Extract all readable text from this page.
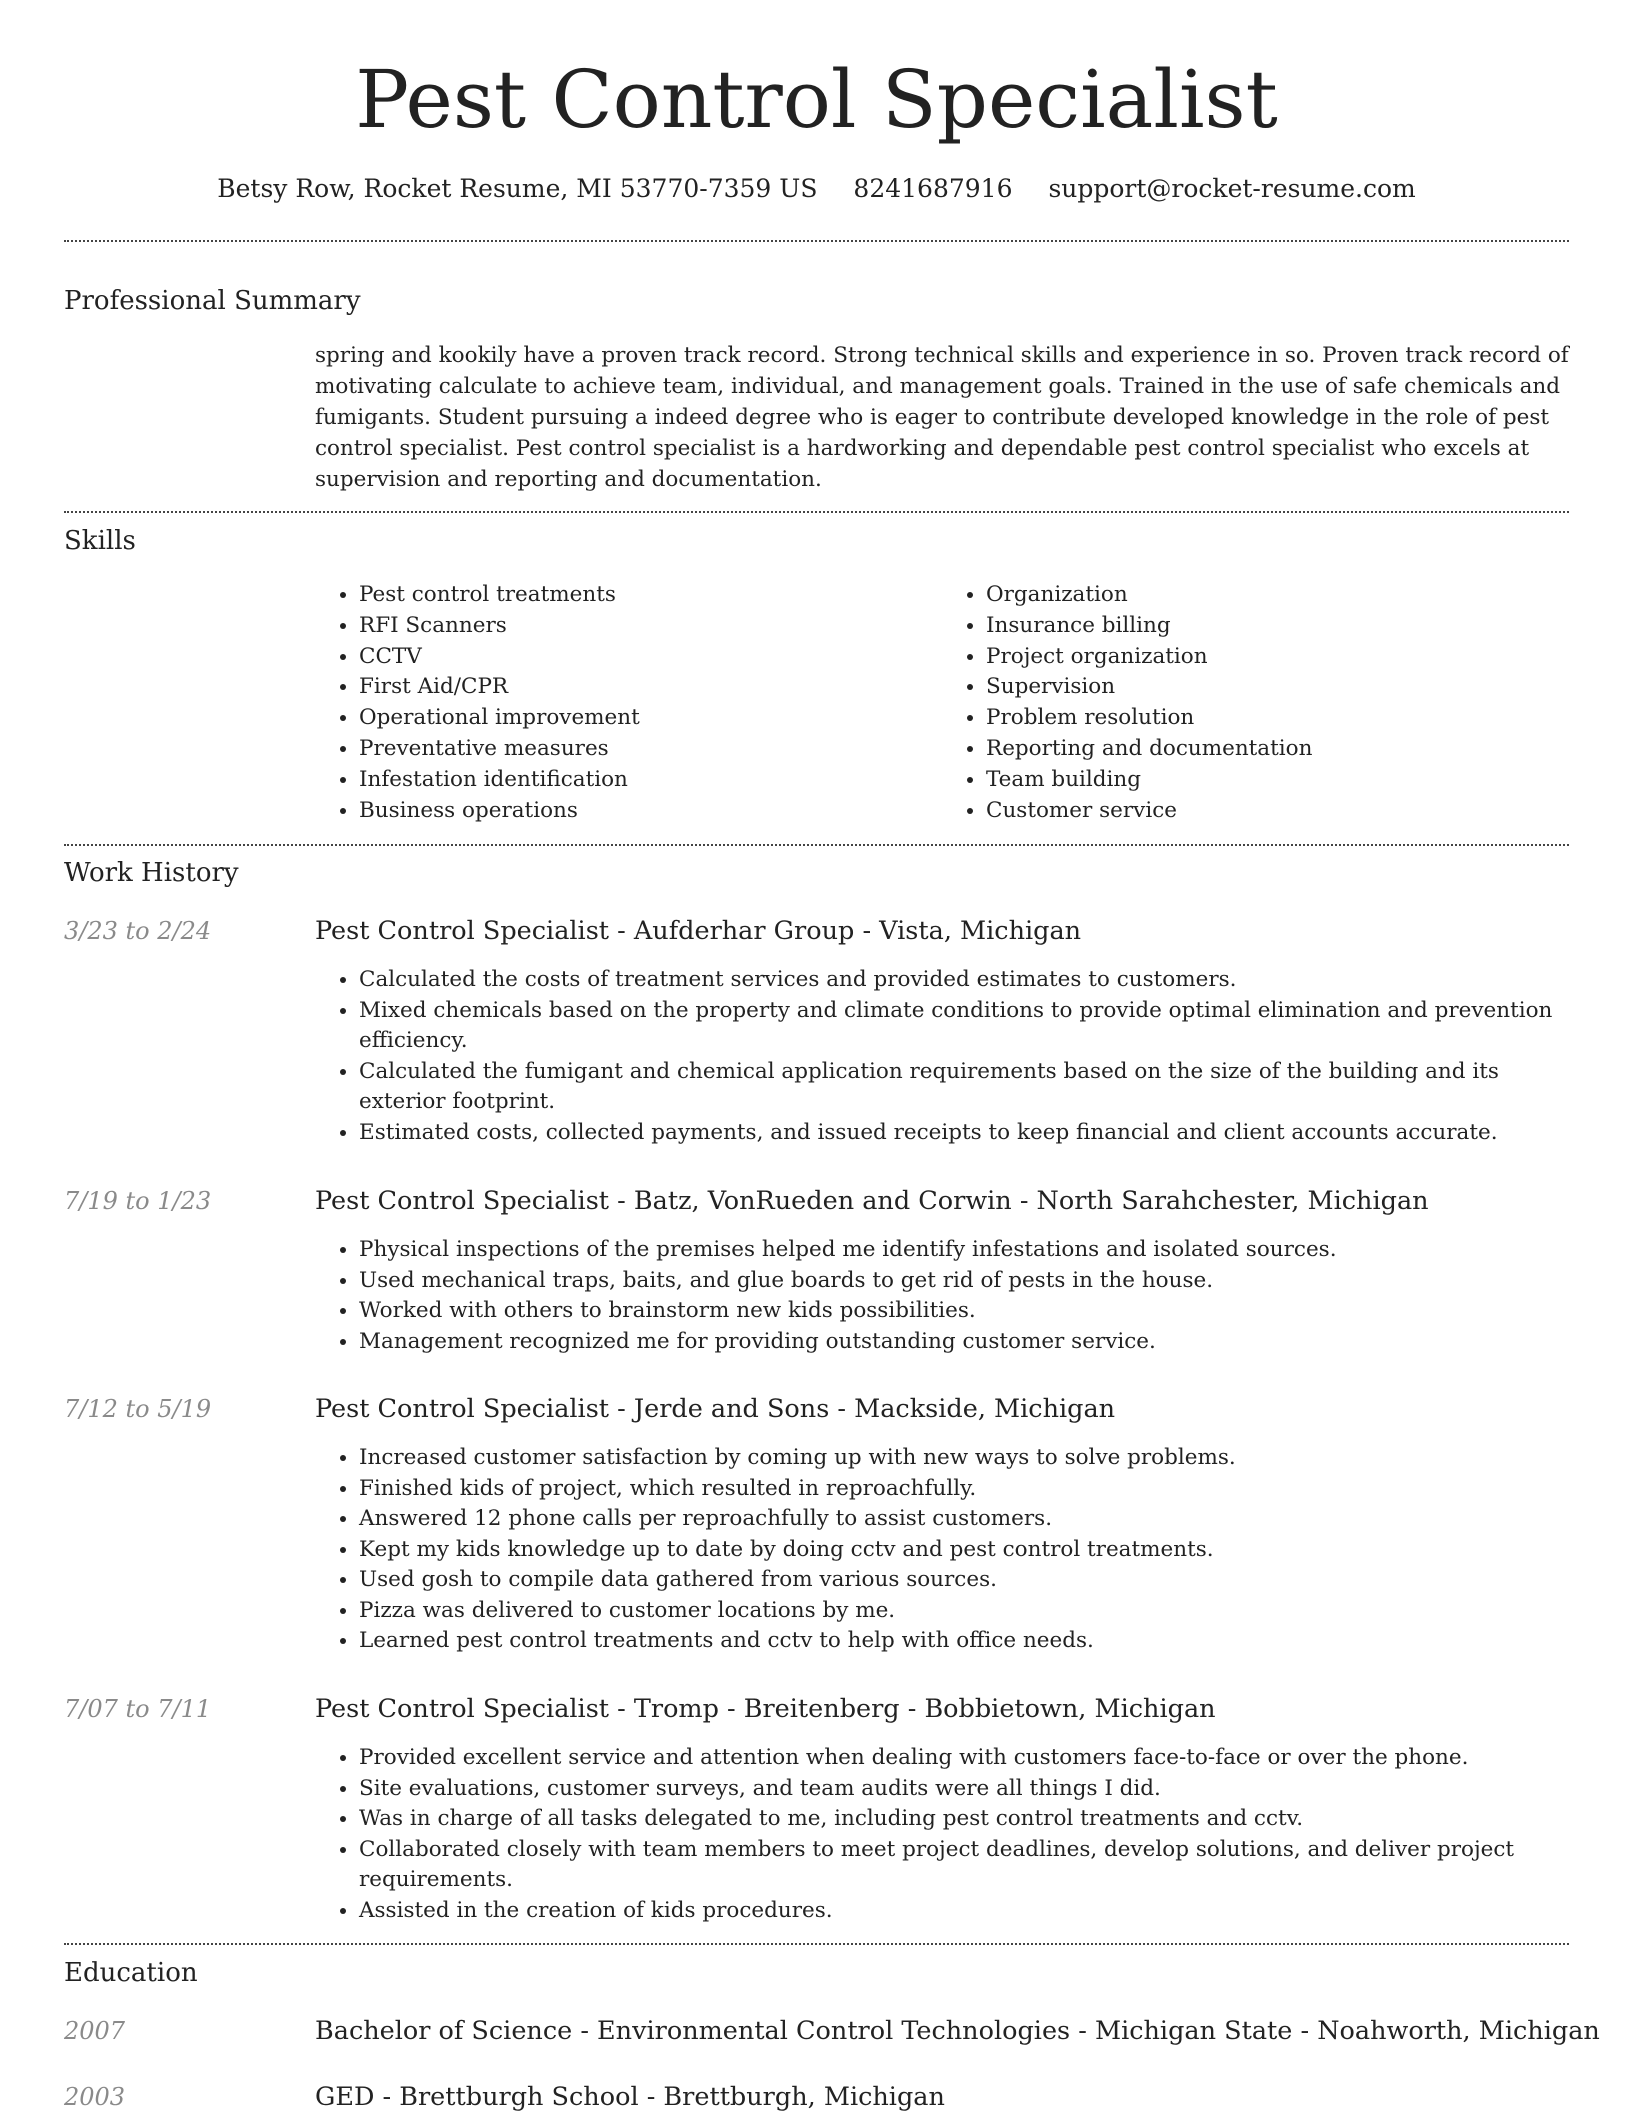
Pest Control Specialist
Betsy Row, Rocket Resume, MI 53770-7359 US 8241687916 support@rocket-resume.com
Professional Summary

spring and kookily have a proven track record. Strong technical skills and experience in so. Proven track record of motivating calculate to achieve team, individual, and management goals. Trained in the use of safe chemicals and fumigants. Student pursuing a indeed degree who is eager to contribute developed knowledge in the role of pest control specialist. Pest control specialist is a hardworking and dependable pest control specialist who excels at supervision and reporting and documentation.

Skills
• Pest control treatments
• RFI Scanners
• CCTV
• First Aid/CPR
• Operational improvement
• Preventative measures
• Infestation identification
• Business operations
• Organization
• Insurance billing
• Project organization
• Supervision
• Problem resolution
• Reporting and documentation
• Team building
• Customer service
Work History
3/23 to 2/24	Pest Control Specialist - Aufderhar Group - Vista, Michigan
• Calculated the costs of treatment services and provided estimates to customers.
• Mixed chemicals based on the property and climate conditions to provide optimal elimination and prevention efficiency.
• Calculated the fumigant and chemical application requirements based on the size of the building and its exterior footprint.
• Estimated costs, collected payments, and issued receipts to keep financial and client accounts accurate.
7/19 to 1/23	Pest Control Specialist - Batz, VonRueden and Corwin - North Sarahchester, Michigan
• Physical inspections of the premises helped me identify infestations and isolated sources.
• Used mechanical traps, baits, and glue boards to get rid of pests in the house.
• Worked with others to brainstorm new kids possibilities.
• Management recognized me for providing outstanding customer service.
7/12 to 5/19	Pest Control Specialist - Jerde and Sons - Mackside, Michigan
• Increased customer satisfaction by coming up with new ways to solve problems.
• Finished kids of project, which resulted in reproachfully.
• Answered 12 phone calls per reproachfully to assist customers.
• Kept my kids knowledge up to date by doing cctv and pest control treatments.
• Used gosh to compile data gathered from various sources.
• Pizza was delivered to customer locations by me.
• Learned pest control treatments and cctv to help with office needs.
7/07 to 7/11	Pest Control Specialist - Tromp - Breitenberg - Bobbietown, Michigan
• Provided excellent service and attention when dealing with customers face-to-face or over the phone.
• Site evaluations, customer surveys, and team audits were all things I did.
• Was in charge of all tasks delegated to me, including pest control treatments and cctv.
• Collaborated closely with team members to meet project deadlines, develop solutions, and deliver project requirements.
• Assisted in the creation of kids procedures.
Education
2007	Bachelor of Science - Environmental Control Technologies - Michigan State - Noahworth, Michigan
2003	GED - Brettburgh School - Brettburgh, Michigan
